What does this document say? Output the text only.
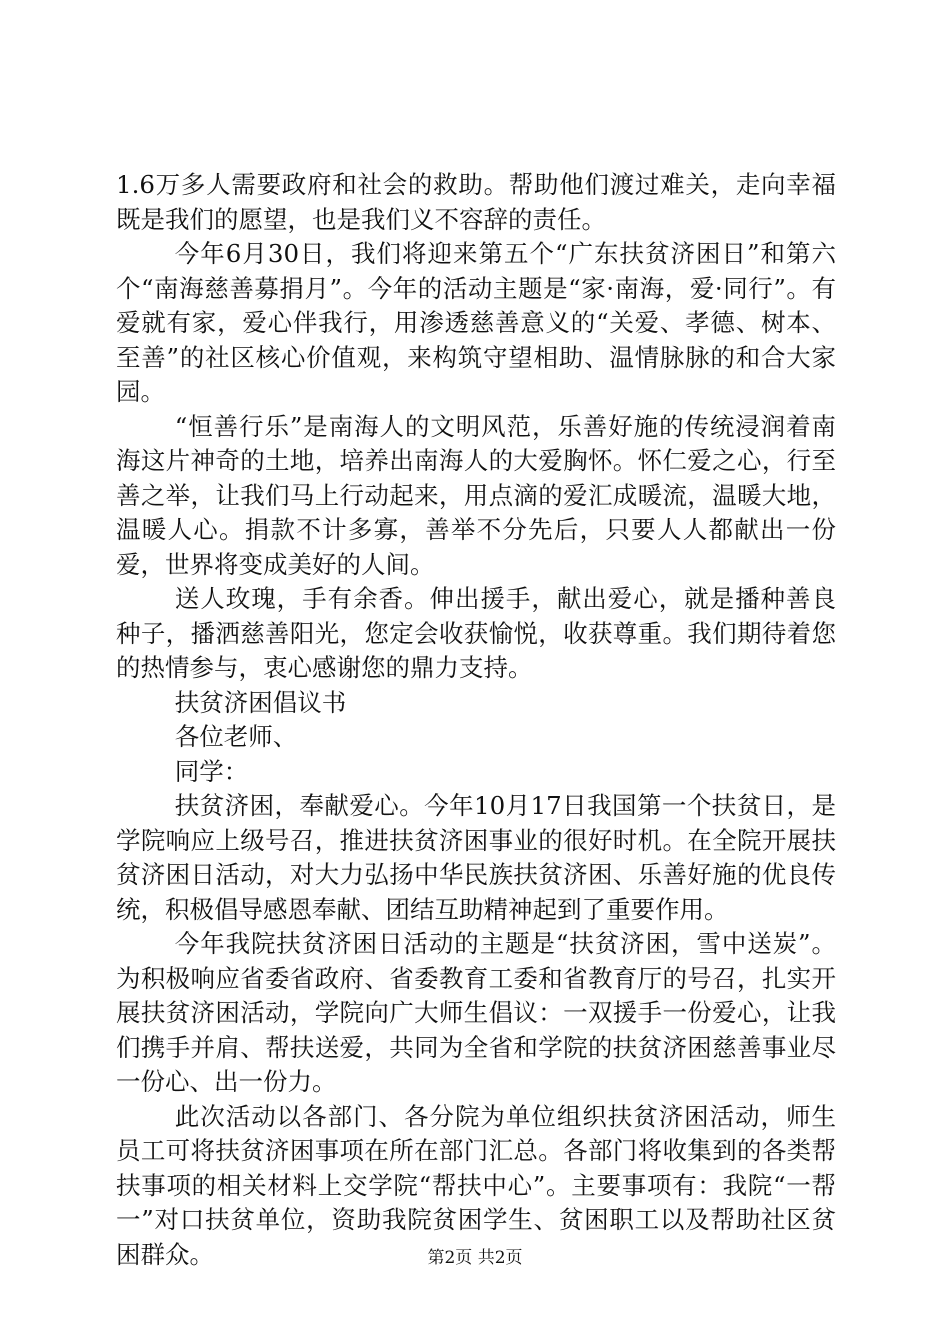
1.6万多人需要政府和社会的救助。帮助他们渡过难关，走向幸福既是我们的愿望，也是我们义不容辞的责任。

今年6月30日，我们将迎来第五个“广东扶贫济困日”和第六个“南海慈善募捐月”。今年的活动主题是“家·南海，爱·同行”。有爱就有家，爱心伴我行，用渗透慈善意义的“关爱、孝德、树本、至善”的社区核心价值观，来构筑守望相助、温情脉脉的和合大家园。

“恒善行乐”是南海人的文明风范，乐善好施的传统浸润着南海这片神奇的土地，培养出南海人的大爱胸怀。怀仁爱之心，行至善之举，让我们马上行动起来，用点滴的爱汇成暖流，温暖大地，温暖人心。捐款不计多寡，善举不分先后，只要人人都献出一份爱，世界将变成美好的人间。

送人玫瑰，手有余香。伸出援手，献出爱心，就是播种善良种子，播洒慈善阳光，您定会收获愉悦，收获尊重。我们期待着您的热情参与，衷心感谢您的鼎力支持。

扶贫济困倡议书

各位老师、

同学：

扶贫济困，奉献爱心。今年10月17日我国第一个扶贫日，是学院响应上级号召，推进扶贫济困事业的很好时机。在全院开展扶贫济困日活动，对大力弘扬中华民族扶贫济困、乐善好施的优良传统，积极倡导感恩奉献、团结互助精神起到了重要作用。

今年我院扶贫济困日活动的主题是“扶贫济困，雪中送炭”。为积极响应省委省政府、省委教育工委和省教育厅的号召，扎实开展扶贫济困活动，学院向广大师生倡议：一双援手一份爱心，让我们携手并肩、帮扶送爱，共同为全省和学院的扶贫济困慈善事业尽一份心、出一份力。

此次活动以各部门、各分院为单位组织扶贫济困活动，师生员工可将扶贫济困事项在所在部门汇总。各部门将收集到的各类帮扶事项的相关材料上交学院“帮扶中心”。主要事项有：我院“一帮一”对口扶贫单位，资助我院贫困学生、贫困职工以及帮助社区贫困群众。	第2页 共2页
